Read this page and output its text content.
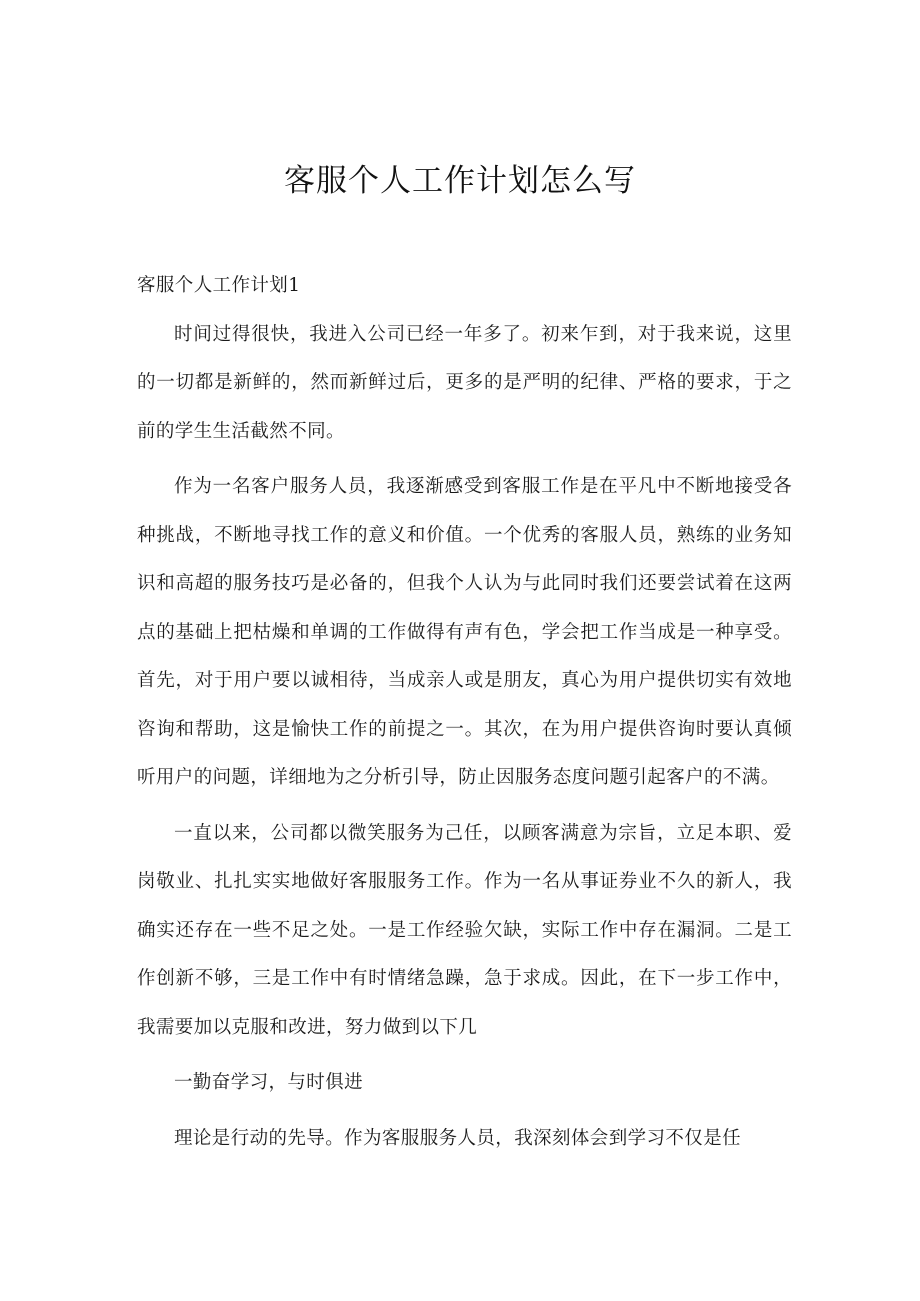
客服个人工作计划怎么写

客服个人工作计划1

时间过得很快，我进入公司已经一年多了。初来乍到，对于我来说，这里的一切都是新鲜的，然而新鲜过后，更多的是严明的纪律、严格的要求，于之前的学生生活截然不同。

作为一名客户服务人员，我逐渐感受到客服工作是在平凡中不断地接受各种挑战，不断地寻找工作的意义和价值。一个优秀的客服人员，熟练的业务知识和高超的服务技巧是必备的，但我个人认为与此同时我们还要尝试着在这两点的基础上把枯燥和单调的工作做得有声有色，学会把工作当成是一种享受。首先，对于用户要以诚相待，当成亲人或是朋友，真心为用户提供切实有效地咨询和帮助，这是愉快工作的前提之一。其次，在为用户提供咨询时要认真倾听用户的问题，详细地为之分析引导，防止因服务态度问题引起客户的不满。

一直以来，公司都以微笑服务为己任，以顾客满意为宗旨，立足本职、爱岗敬业、扎扎实实地做好客服服务工作。作为一名从事证券业不久的新人，我确实还存在一些不足之处。一是工作经验欠缺，实际工作中存在漏洞。二是工作创新不够，三是工作中有时情绪急躁，急于求成。因此，在下一步工作中，我需要加以克服和改进，努力做到以下几

一勤奋学习，与时俱进

理论是行动的先导。作为客服服务人员，我深刻体会到学习不仅是任
